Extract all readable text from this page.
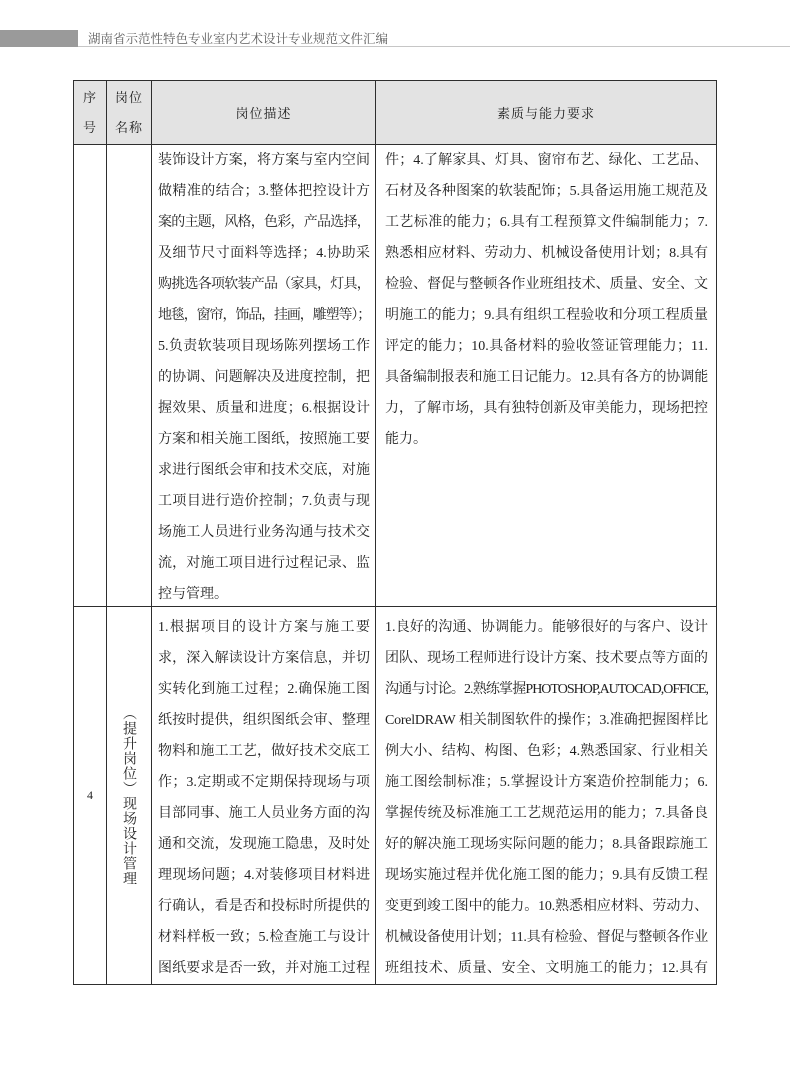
湖南省示范性特色专业室内艺术设计专业规范文件汇编
序
号
岗位
名称
岗位描述	素质与能力要求
装饰设计方案，将方案与室内空间
做精准的结合；3.整体把控设计方
案的主题，风格，色彩，产品选择，
及细节尺寸面料等选择；4.协助采
购挑选各项软装产品（家具，灯具，
地毯，窗帘，饰品，挂画，雕塑等）；
5.负责软装项目现场陈列摆场工作
的协调、问题解决及进度控制，把
握效果、质量和进度；6.根据设计
方案和相关施工图纸，按照施工要
求进行图纸会审和技术交底，对施
工项目进行造价控制；7.负责与现
场施工人员进行业务沟通与技术交
流，对施工项目进行过程记录、监
控与管理。
件；4.了解家具、灯具、窗帘布艺、绿化、工艺品、
石材及各种图案的软装配饰；5.具备运用施工规范及
工艺标准的能力；6.具有工程预算文件编制能力；7.
熟悉相应材料、劳动力、机械设备使用计划；8.具有
检验、督促与整顿各作业班组技术、质量、安全、文
明施工的能力；9.具有组织工程验收和分项工程质量
评定的能力；10.具备材料的验收签证管理能力；11.
具备编制报表和施工日记能力。12.具有各方的协调能
力，了解市场，具有独特创新及审美能力，现场把控
能力。
4 （提升岗位）现场设计管理
1.根据项目的设计方案与施工要
求，深入解读设计方案信息，并切
实转化到施工过程；2.确保施工图
纸按时提供，组织图纸会审、整理
物料和施工工艺，做好技术交底工
作；3.定期或不定期保持现场与项
目部同事、施工人员业务方面的沟
通和交流，发现施工隐患，及时处
理现场问题；4.对装修项目材料进
行确认，看是否和投标时所提供的
材料样板一致；5.检查施工与设计
图纸要求是否一致，并对施工过程
1.良好的沟通、协调能力。能够很好的与客户、设计
团队、现场工程师进行设计方案、技术要点等方面的
沟通与讨论。2.熟练掌握PHOTOSHOP,AUTOCAD,OFFICE,
CorelDRAW 相关制图软件的操作；3.准确把握图样比
例大小、结构、构图、色彩；4.熟悉国家、行业相关
施工图绘制标准；5.掌握设计方案造价控制能力；6.
掌握传统及标准施工工艺规范运用的能力；7.具备良
好的解决施工现场实际问题的能力；8.具备跟踪施工
现场实施过程并优化施工图的能力；9.具有反馈工程
变更到竣工图中的能力。10.熟悉相应材料、劳动力、
机械设备使用计划；11.具有检验、督促与整顿各作业
班组技术、质量、安全、文明施工的能力；12.具有
